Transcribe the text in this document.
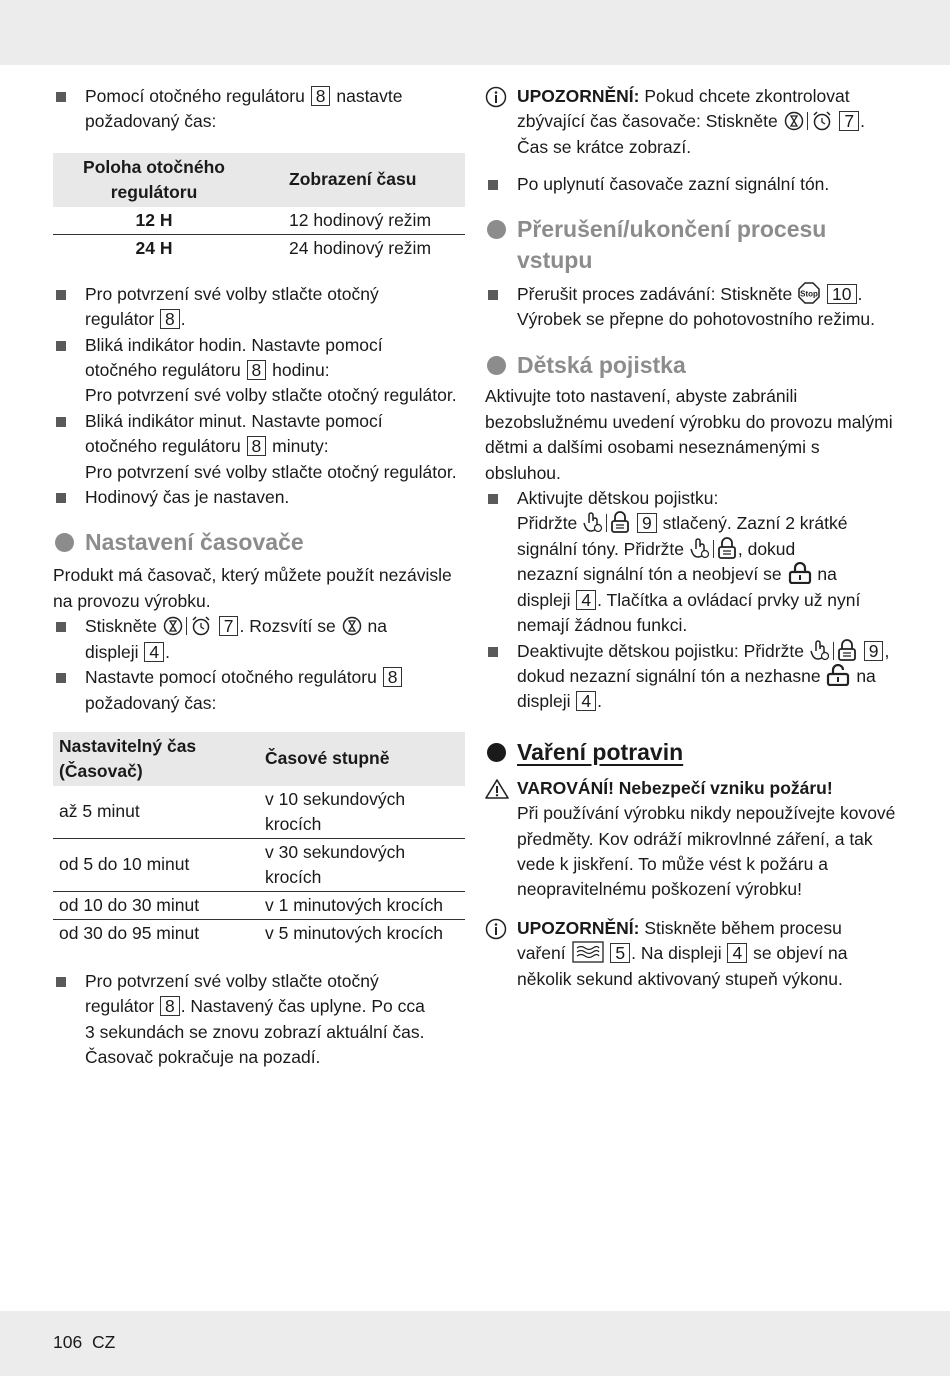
Pomocí otočného regulátoru 8 nastavte
požadovaný čas:
Poloha otočného regulátoru	Zobrazení času
12 H	12 hodinový režim
24 H	24 hodinový režim
Pro potvrzení své volby stlačte otočný
regulátor 8 .
Bliká indikátor hodin. Nastavte pomocí
otočného regulátoru 8 hodinu:
Pro potvrzení své volby stlačte otočný regulátor.
Bliká indikátor minut. Nastavte pomocí
otočného regulátoru 8 minuty:
Pro potvrzení své volby stlačte otočný regulátor.
Hodinový čas je nastaven.
Nastavení časovače
Produkt má časovač, který můžete použít nezávisle
na provozu výrobku.
Stiskněte	7 . Rozsvítí se na
displeji 4 .
Nastavte pomocí otočného regulátoru 8
požadovaný čas:
Nastavitelný čas (Časovač)	Časové stupně
až 5 minut	v 10 sekundových krocích
od 5 do 10 minut	v 30 sekundových krocích
od 10 do 30 minut	v 1 minutových krocích
od 30 do 95 minut	v 5 minutových krocích
Pro potvrzení své volby stlačte otočný
regulátor 8 . Nastavený čas uplyne. Po cca
3 sekundách se znovu zobrazí aktuální čas.
Časovač pokračuje na pozadí.
UPOZORNĚNÍ: Pokud chcete zkontrolovat
zbývající čas časovače: Stiskněte	7 .
Čas se krátce zobrazí.
Po uplynutí časovače zazní signální tón.
Přerušení/ukončení procesu vstupu
Přerušit proces zadávání: Stiskněte Stop 10 .
Výrobek se přepne do pohotovostního režimu.
Dětská pojistka
Aktivujte toto nastavení, abyste zabránili bezobslužnému uvedení výrobku do provozu malými dětmi a dalšími osobami neseznámenými s obsluhou.
Aktivujte dětskou pojistku:
Přidržte	9 stlačený. Zazní 2 krátké
signální tóny. Přidržte	, dokud
nezazní signální tón a neobjeví se na
displeji 4 . Tlačítka a ovládací prvky už nyní
nemají žádnou funkci.
Deaktivujte dětskou pojistku: Přidržte	9 ,
dokud nezazní signální tón a nezhasne na
displeji 4 .
Vaření potravin
VAROVÁNÍ! Nebezpečí vzniku požáru!
Při používání výrobku nikdy nepoužívejte kovové předměty. Kov odráží mikrovlnné záření, a tak vede k jiskření. To může vést k požáru a neopravitelnému poškození výrobku!
UPOZORNĚNÍ: Stiskněte během procesu
vaření	5 . Na displeji 4 se objeví na
několik sekund aktivovaný stupeň výkonu.
106 CZ
